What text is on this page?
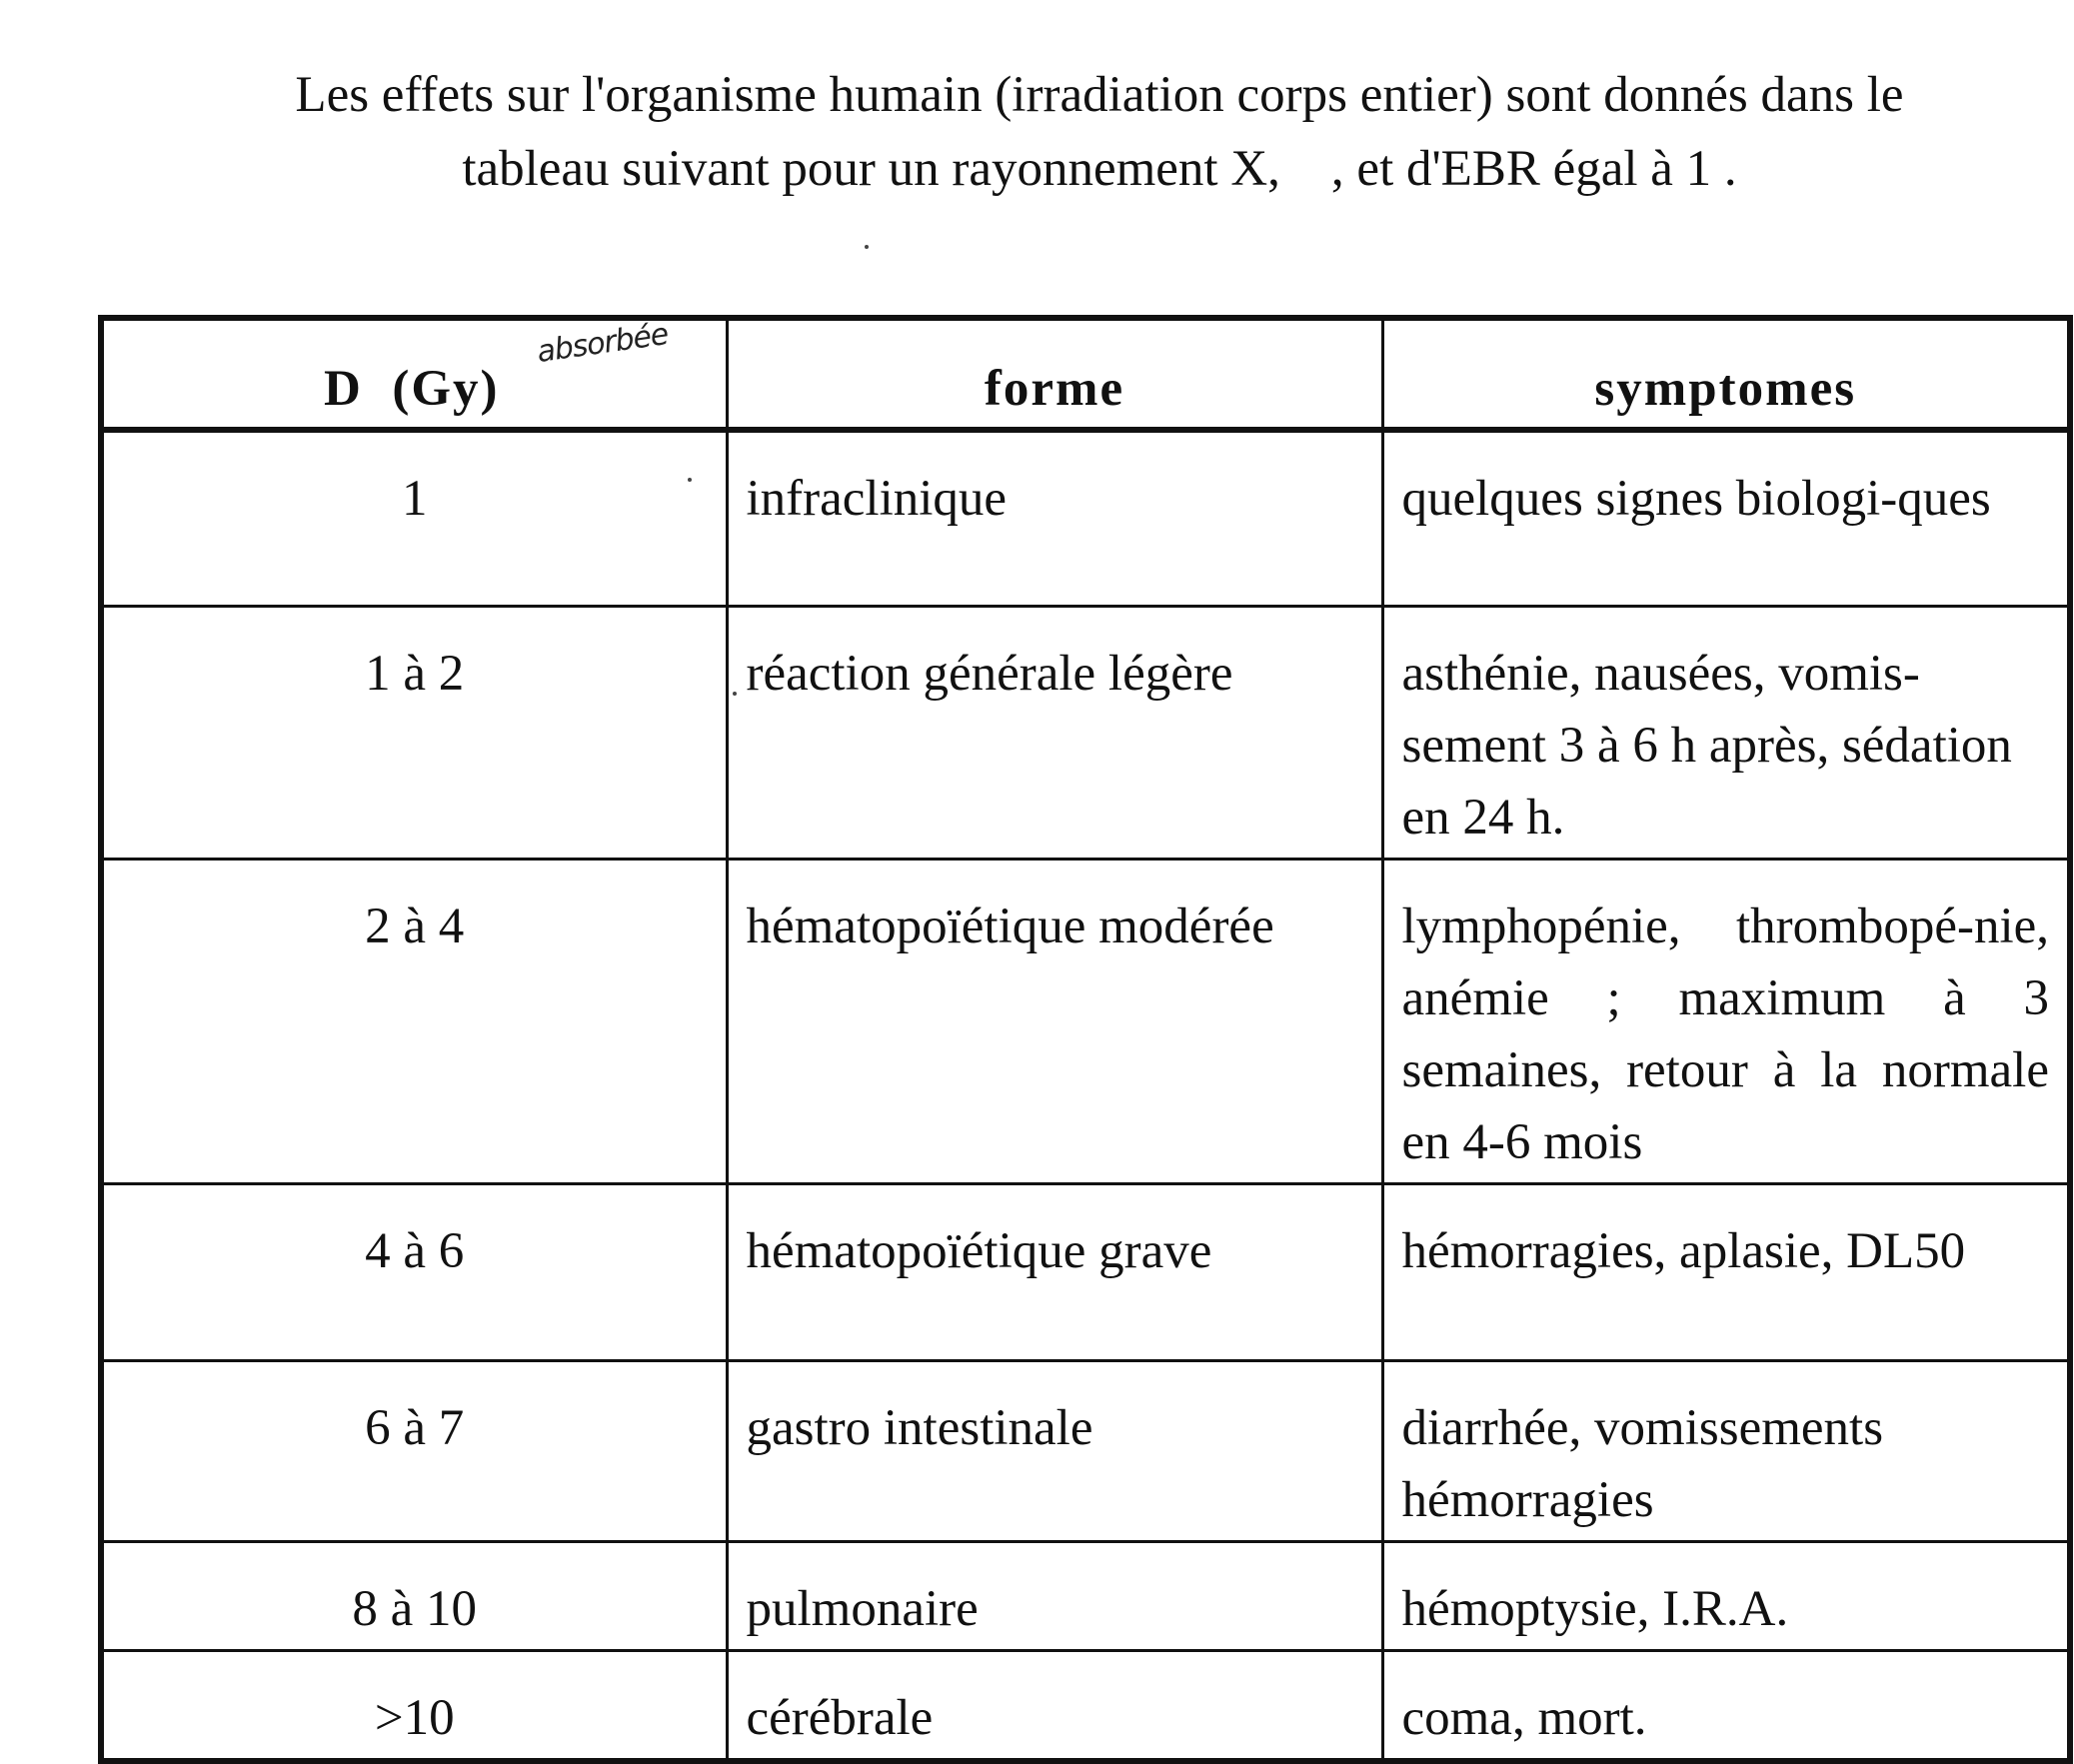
Les effets sur l'organisme humain (irradiation corps entier) sont donnés dans le

tableau suivant pour un rayonnement X,    , et d'EBR égal à 1 .

D  (Gy)	forme	symptomes
1	infraclinique	quelques signes biologi-ques
1 à 2	réaction générale légère	asthénie, nausées, vomis-sement 3 à 6 h après, sédation en 24 h.
2 à 4	hématopoïétique modérée	lymphopénie, thrombopé-nie, anémie ; maximum à 3 semaines, retour à la normale en 4-6 mois
4 à 6	hématopoïétique grave	hémorragies, aplasie, DL50
6 à 7	gastro intestinale	diarrhée, vomissements hémorragies
8 à 10	pulmonaire	hémoptysie, I.R.A.
>10	cérébrale	coma, mort.
absorbée
